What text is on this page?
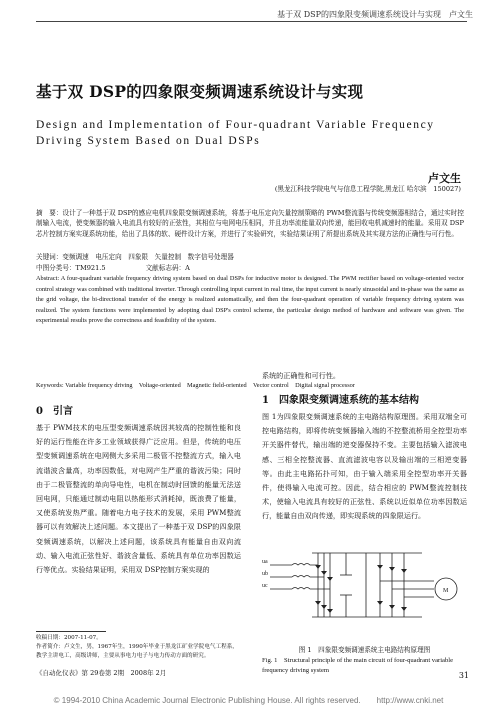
基于双 DSP的四象限变频调速系统设计与实现　卢文生
基于双 DSP的四象限变频调速系统设计与实现
Design and Implementation of Four-quadrant Variable Frequency Driving System Based on Dual DSPs
卢文生
(黑龙江科技学院电气与信息工程学院,黑龙江 哈尔滨　150027)
摘　要：设计了一种基于双 DSP的感应电机四象限变频调速系统，将基于电压定向矢量控制策略的 PWM整流器与传统变频器相结合，通过实时控制输入电流，使变频器的输入电流具有较好的正弦性，其相位与电网电压相同，并且功率流能量双向传递，能回收电机减速时的能量。采用双 DSP芯片控制方案实现系统功能，给出了具体的软、硬件设计方案，并进行了实验研究，实验结果证明了所提出系统及其实现方法的正确性与可行性。
关键词：变频调速　电压定向　四象限　矢量控制　数字信号处理器
中图分类号：TM921.5	文献标志码：A
Abstract: A four-quadrant variable frequency driving system based on dual DSPs for inductive motor is designed. The PWM rectifier based on voltage-oriented vector control strategy was combined with traditional inverter. Through controlling input current in real time, the input current is nearly sinusoidal and in-phase was the same as the grid voltage, the bi-directional transfer of the energy is realized automatically, and then the four-quadrant operation of variable frequency driving system was realized. The system functions were implemented by adopting dual DSP's control scheme, the particular design method of hardware and software was given. The experimental results prove the correctness and feasibility of the system.
Keywords: Variable frequency driving　Voltage-oriented　Magnetic field-oriented　Vector control　Digital signal processor
0　引言
基于 PWM技术的电压型变频调速系统因其较高的控制性能和良好的运行性能在许多工业领域获得广泛应用。但是，传统的电压型变频调速系统在电网侧大多采用二极管不控整流方式，输入电流谐波含量高，功率因数低，对电网产生严重的谐波污染；同时由于二极管整流的单向导电性，电机在制动时回馈的能量无法送回电网，只能通过制动电阻以热能形式消耗掉，既浪费了能量，又使系统发热严重。随着电力电子技术的发展，采用 PWM整流器可以有效解决上述问题。本文提出了一种基于双 DSP的四象限变频调速系统，以解决上述问题，该系统具有能量自由双向流动、输入电流正弦性好、谐波含量低、系统具有单位功率因数运行等优点。实验结果证明，采用双 DSP控制方案实现的
系统的正确性和可行性。
1　四象限变频调速系统的基本结构
图 1为四象限变频调速系统的主电路结构原理图。采用双端全可控电路结构，即将传统变频器输入端的不控整流桥用全控型功率开关器件替代，输出端的逆变器保持不变。主要包括输入滤波电感、三相全控整流器、直流滤波电容以及输出端的三相逆变器等。由此主电路拓扑可知，由于输入端采用全控型功率开关器件，使得输入电流可控。因此，结合相应的 PWM整流控制技术，使输入电流具有较好的正弦性、系统以近似单位功率因数运行，能量自由双向传递，即实现系统的四象限运行。
收稿日期：2007-11-07。
作者简介：卢文生，男，1967年生，1990年毕业于黑龙江矿业学院电气工程系，教学主讲电工，高级讲师，主要从事电力电子与电力传动方面的研究。
《自动化仪表》第 29卷第 2期　2008年 2月
ua
ub
uc
M
图 1　四象限变频调速系统主电路结构原理图
Fig. 1 Structural principle of the main circuit of four-quadrant variable frequency driving system
31
© 1994-2010 China Academic Journal Electronic Publishing House. All rights reserved.　　http://www.cnki.net
